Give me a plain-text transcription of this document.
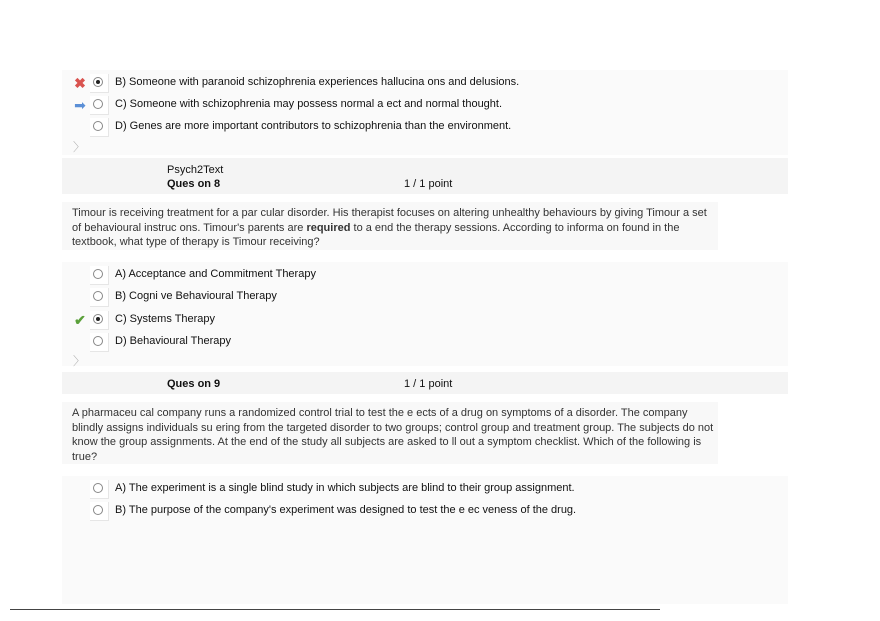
✖	B) Someone with paranoid schizophrenia experiences hallucina ons and delusions.
➡	C) Someone with schizophrenia may possess normal a ect and normal thought.
D) Genes are more important contributors to schizophrenia than the environment.
〉
Psych2Text
Ques on 8	1 / 1 point
Timour is receiving treatment for a par cular disorder. His therapist focuses on altering unhealthy behaviours by giving Timour a set of behavioural instruc ons. Timour's parents are required to a end the therapy sessions. According to informa on found in the textbook, what type of therapy is Timour receiving?
A) Acceptance and Commitment Therapy
B) Cogni ve Behavioural Therapy
✔	C) Systems Therapy
D) Behavioural Therapy
〉
Ques on 9	1 / 1 point
A pharmaceu cal company runs a randomized control trial to test the e ects of a drug on symptoms of a disorder. The company blindly assigns individuals su ering from the targeted disorder to two groups; control group and treatment group. The subjects do not know the group assignments. At the end of the study all subjects are asked to ll out a symptom checklist. Which of the following is true?
A) The experiment is a single blind study in which subjects are blind to their group assignment.
B) The purpose of the company's experiment was designed to test the e ec veness of the drug.
